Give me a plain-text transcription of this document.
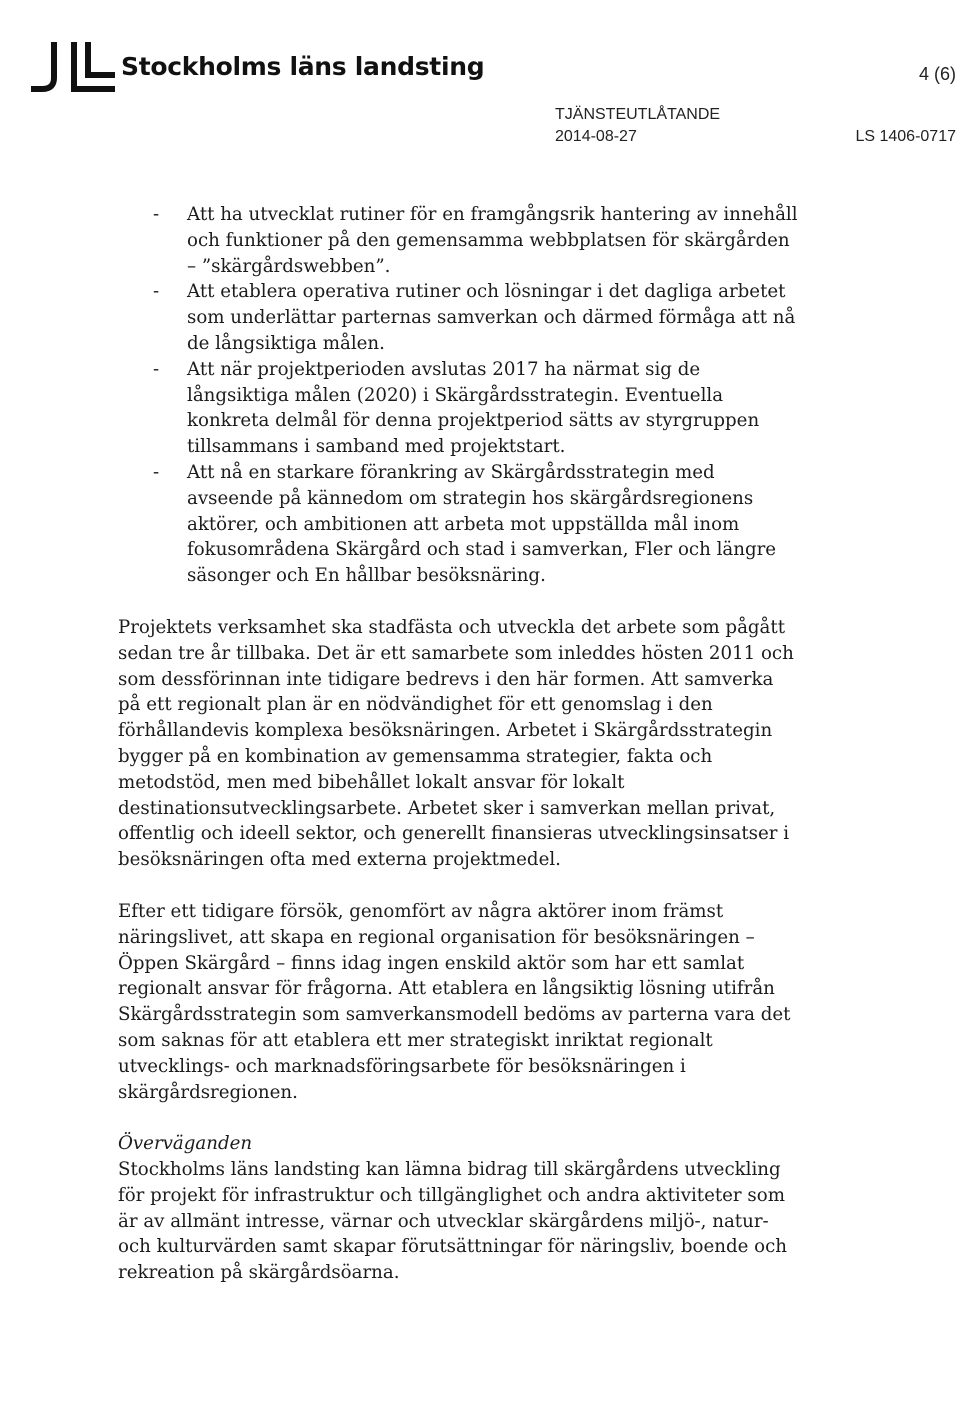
Stockholms läns landsting	4 (6)
TJÄNSTEUTLÅTANDE
2014-08-27	LS 1406-0717
- Att ha utvecklat rutiner för en framgångsrik hantering av innehåll och funktioner på den gemensamma webbplatsen för skärgården – ”skärgårdswebben”.
- Att etablera operativa rutiner och lösningar i det dagliga arbetet som underlättar parternas samverkan och därmed förmåga att nå de långsiktiga målen.
- Att när projektperioden avslutas 2017 ha närmat sig de långsiktiga målen (2020) i Skärgårdsstrategin. Eventuella konkreta delmål för denna projektperiod sätts av styrgruppen tillsammans i samband med projektstart.
- Att nå en starkare förankring av Skärgårdsstrategin med avseende på kännedom om strategin hos skärgårdsregionens aktörer, och ambitionen att arbeta mot uppställda mål inom fokusområdena Skärgård och stad i samverkan, Fler och längre säsonger och En hållbar besöksnäring.

Projektets verksamhet ska stadfästa och utveckla det arbete som pågått sedan tre år tillbaka. Det är ett samarbete som inleddes hösten 2011 och som dessförinnan inte tidigare bedrevs i den här formen. Att samverka på ett regionalt plan är en nödvändighet för ett genomslag i den förhållandevis komplexa besöksnäringen. Arbetet i Skärgårdsstrategin bygger på en kombination av gemensamma strategier, fakta och metodstöd, men med bibehållet lokalt ansvar för lokalt destinationsutvecklingsarbete. Arbetet sker i samverkan mellan privat, offentlig och ideell sektor, och generellt finansieras utvecklingsinsatser i besöksnäringen ofta med externa projektmedel.

Efter ett tidigare försök, genomfört av några aktörer inom främst näringslivet, att skapa en regional organisation för besöksnäringen – Öppen Skärgård – finns idag ingen enskild aktör som har ett samlat regionalt ansvar för frågorna. Att etablera en långsiktig lösning utifrån Skärgårdsstrategin som samverkansmodell bedöms av parterna vara det som saknas för att etablera ett mer strategiskt inriktat regionalt utvecklings- och marknadsföringsarbete för besöksnäringen i skärgårdsregionen.

Överväganden

Stockholms läns landsting kan lämna bidrag till skärgårdens utveckling för projekt för infrastruktur och tillgänglighet och andra aktiviteter som är av allmänt intresse, värnar och utvecklar skärgårdens miljö-, natur- och kulturvärden samt skapar förutsättningar för näringsliv, boende och rekreation på skärgårdsöarna.
